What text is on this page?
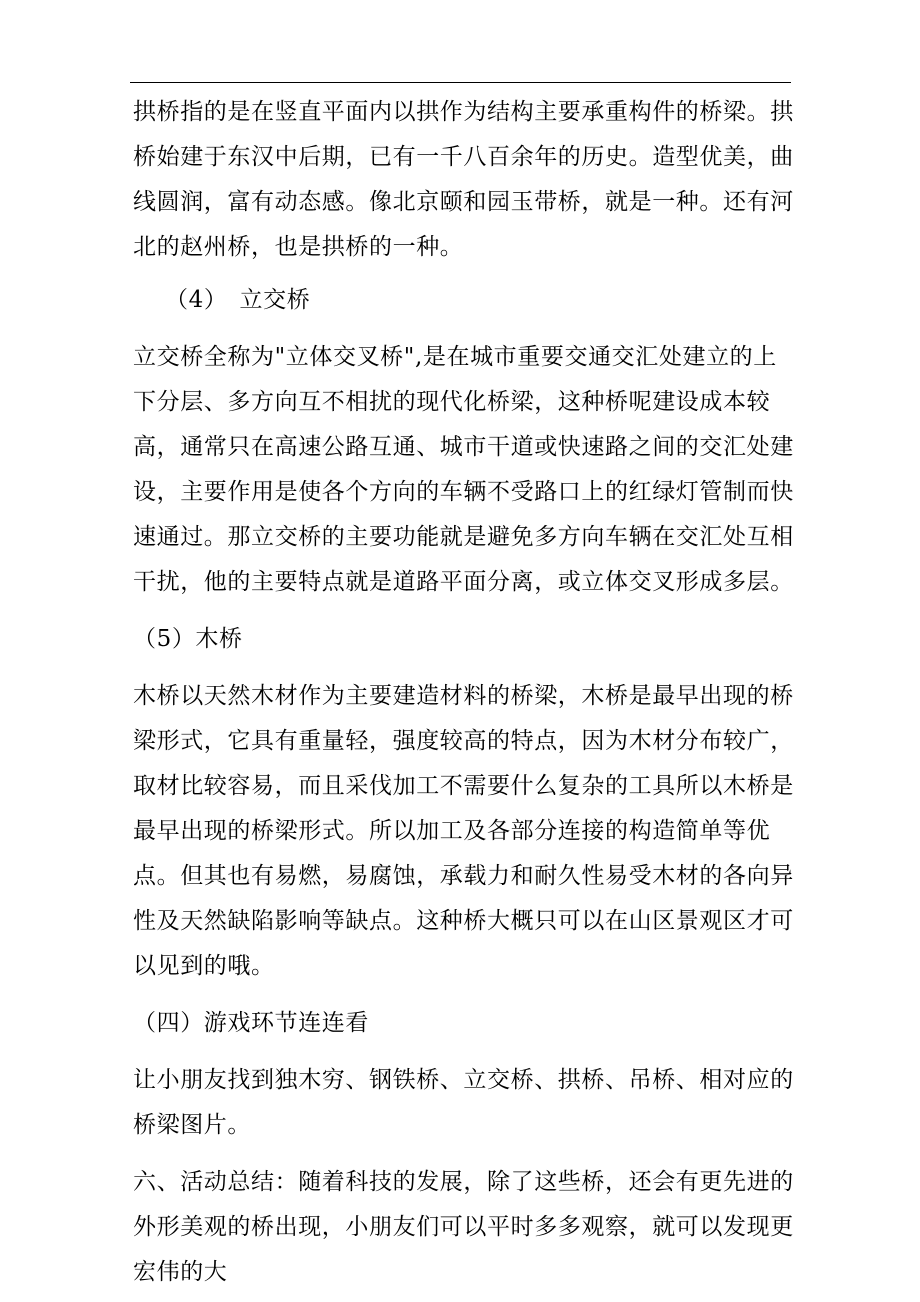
拱桥指的是在竖直平面内以拱作为结构主要承重构件的桥梁。拱桥始建于东汉中后期，已有一千八百余年的历史。造型优美，曲线圆润，富有动态感。像北京颐和园玉带桥，就是一种。还有河北的赵州桥，也是拱桥的一种。

（4）　立交桥

立交桥全称为"立体交叉桥",是在城市重要交通交汇处建立的上下分层、多方向互不相扰的现代化桥梁，这种桥呢建设成本较高，通常只在高速公路互通、城市干道或快速路之间的交汇处建设，主要作用是使各个方向的车辆不受路口上的红绿灯管制而快速通过。那立交桥的主要功能就是避免多方向车辆在交汇处互相干扰，他的主要特点就是道路平面分离，或立体交叉形成多层。

（5）木桥

木桥以天然木材作为主要建造材料的桥梁，木桥是最早出现的桥梁形式，它具有重量轻，强度较高的特点，因为木材分布较广，取材比较容易，而且采伐加工不需要什么复杂的工具所以木桥是最早出现的桥梁形式。所以加工及各部分连接的构造简单等优点。但其也有易燃，易腐蚀，承载力和耐久性易受木材的各向异性及天然缺陷影响等缺点。这种桥大概只可以在山区景观区才可以见到的哦。

（四）游戏环节连连看

让小朋友找到独木穷、钢铁桥、立交桥、拱桥、吊桥、相对应的桥梁图片。

六、活动总结：随着科技的发展，除了这些桥，还会有更先进的外形美观的桥出现，小朋友们可以平时多多观察，就可以发现更宏伟的大
